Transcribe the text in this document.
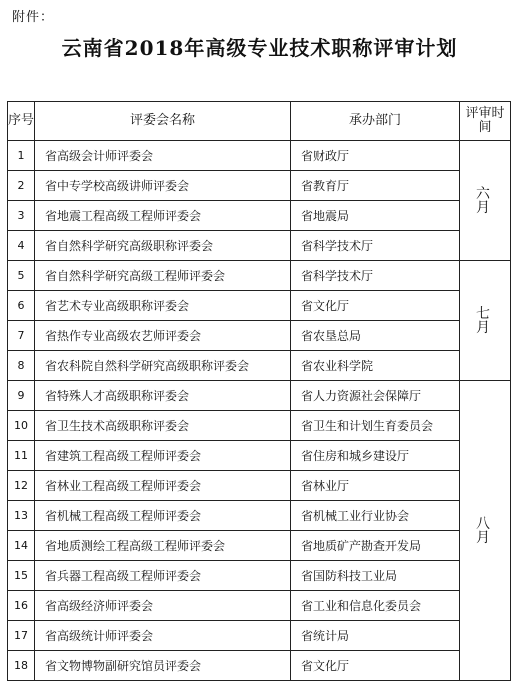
附件：
云南省2018年高级专业技术职称评审计划
序号	评委会名称	承办部门	评审时间
1	省高级会计师评委会	省财政厅	六月
2	省中专学校高级讲师评委会	省教育厅	
3	省地震工程高级工程师评委会	省地震局	
4	省自然科学研究高级职称评委会	省科学技术厅	
5	省自然科学研究高级工程师评委会	省科学技术厅	七月
6	省艺术专业高级职称评委会	省文化厅	
7	省热作专业高级农艺师评委会	省农垦总局	
8	省农科院自然科学研究高级职称评委会	省农业科学院	
9	省特殊人才高级职称评委会	省人力资源社会保障厅	八月
10	省卫生技术高级职称评委会	省卫生和计划生育委员会	
11	省建筑工程高级工程师评委会	省住房和城乡建设厅	
12	省林业工程高级工程师评委会	省林业厅	
13	省机械工程高级工程师评委会	省机械工业行业协会	
14	省地质测绘工程高级工程师评委会	省地质矿产勘查开发局	
15	省兵器工程高级工程师评委会	省国防科技工业局	
16	省高级经济师评委会	省工业和信息化委员会	
17	省高级统计师评委会	省统计局	
18	省文物博物副研究馆员评委会	省文化厅	
